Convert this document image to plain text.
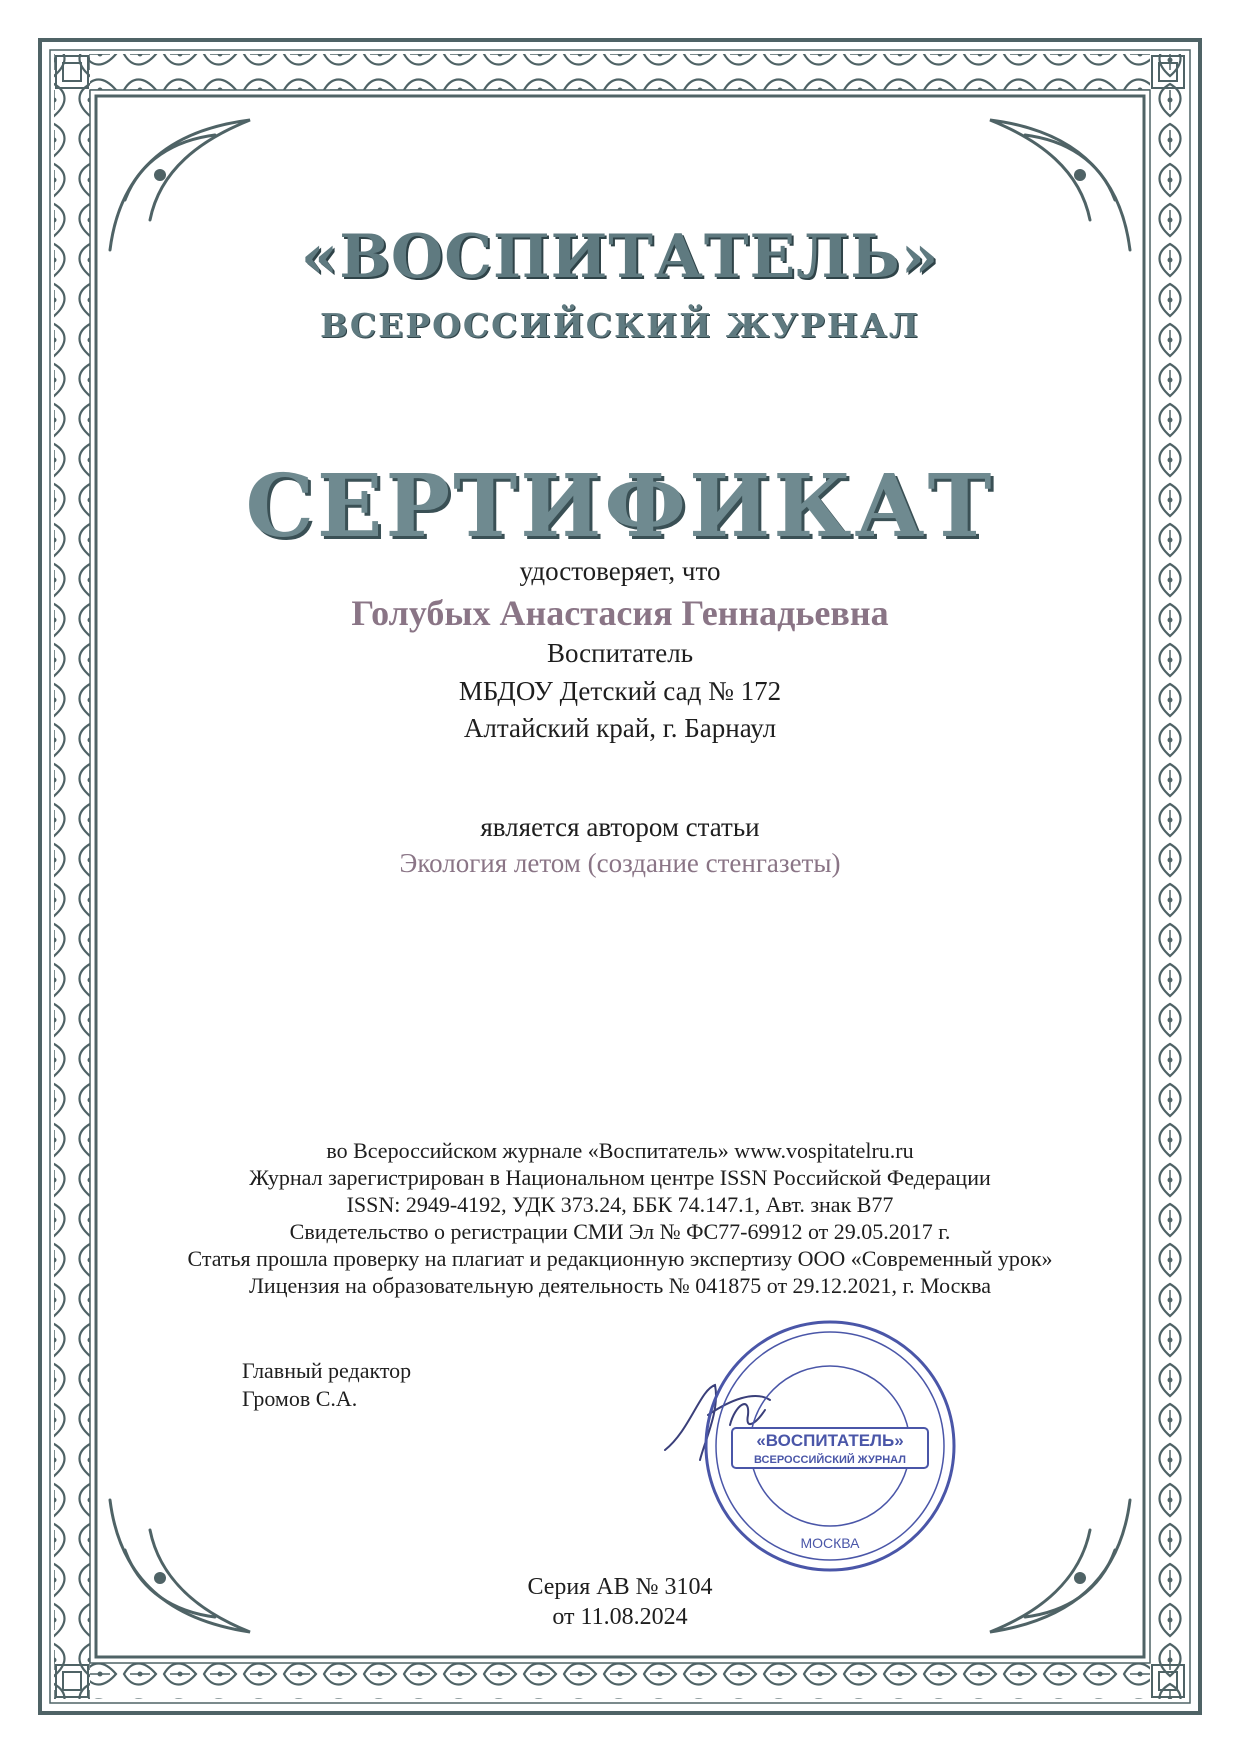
«ВОСПИТАТЕЛЬ»

ВСЕРОССИЙСКИЙ ЖУРНАЛ

СЕРТИФИКАТ

удостоверяет, что

Голубых Анастасия Геннадьевна

Воспитатель

МБДОУ Детский сад № 172

Алтайский край, г. Барнаул

является автором статьи

Экология летом (создание стенгазеты)

во Всероссийском журнале «Воспитатель» www.vospitatelru.ru

Журнал зарегистрирован в Национальном центре ISSN Российской Федерации

ISSN: 2949-4192, УДК 373.24, ББК 74.147.1, Авт. знак В77

Свидетельство о регистрации СМИ Эл № ФС77-69912 от 29.05.2017 г.

Статья прошла проверку на плагиат и редакционную экспертизу ООО «Современный урок»

Лицензия на образовательную деятельность № 041875 от 29.12.2021, г. Москва

Главный редактор
Громов С.А.
«ВОСПИТАТЕЛЬ»
ВСЕРОССИЙСКИЙ ЖУРНАЛ
МОСКВА

Серия АВ № 3104

от 11.08.2024
